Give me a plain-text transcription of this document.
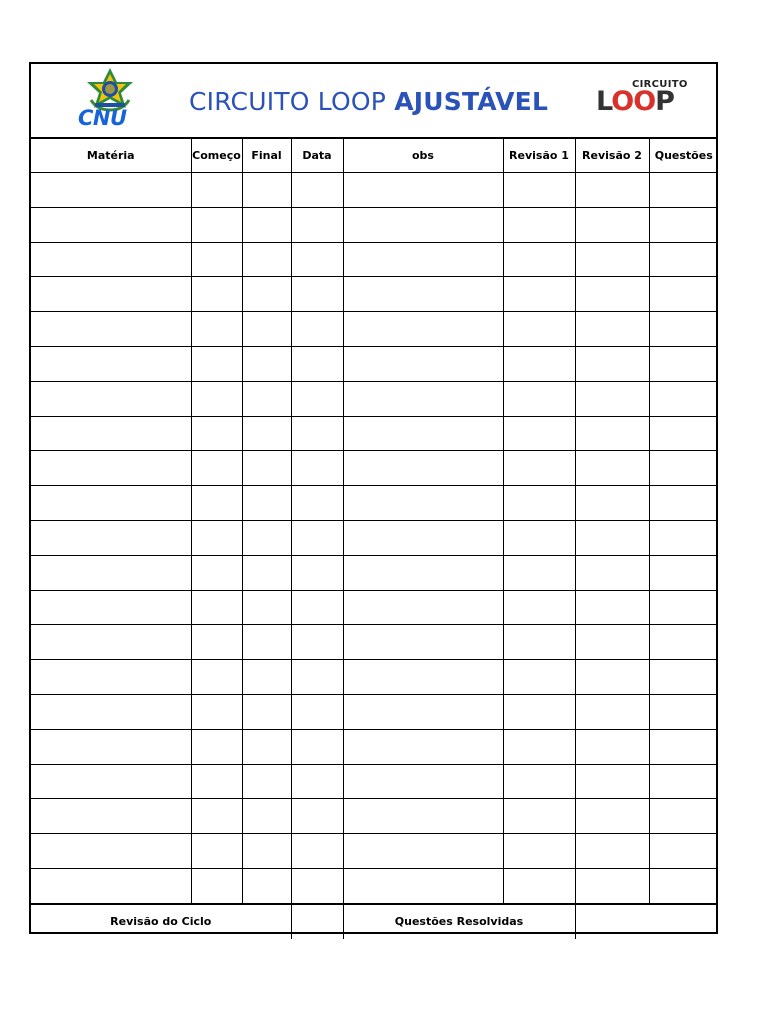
CNU
CIRCUITO LOOP AJUSTÁVEL
CIRCUITO
LOOP
Matéria	Começo	Final	Data	obs	Revisão 1	Revisão 2	Questões

Revisão do Ciclo				Questões Resolvidas			
